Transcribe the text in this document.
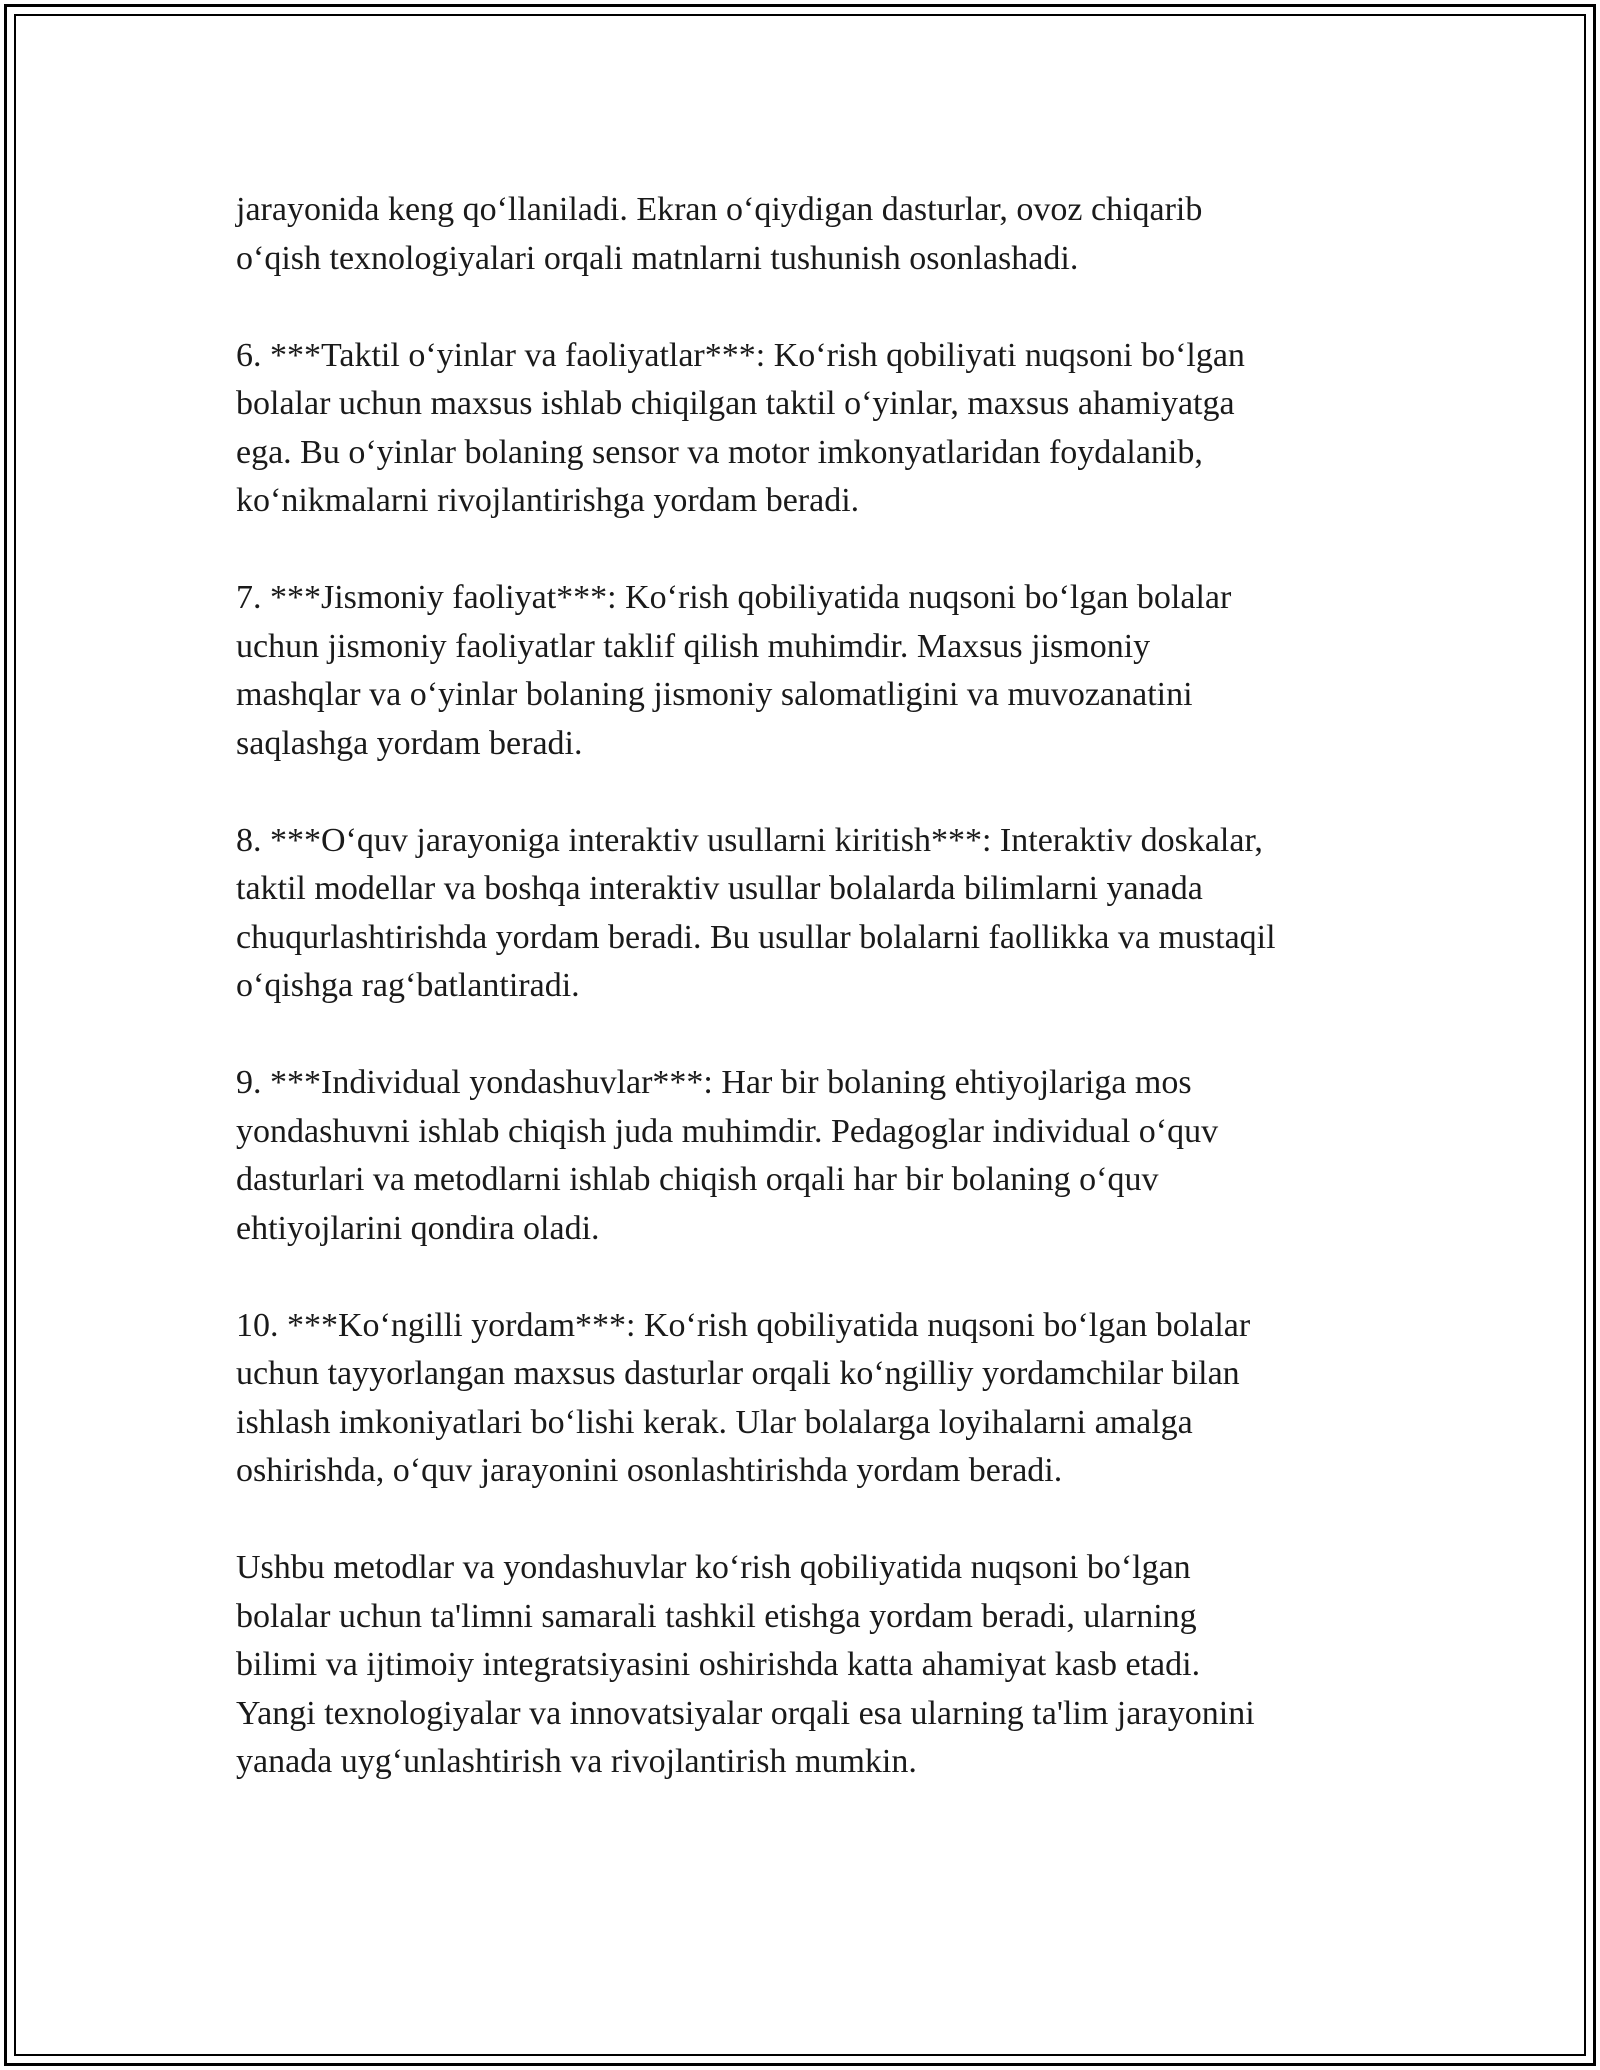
jarayonida keng qo‘llaniladi. Ekran o‘qiydigan dasturlar, ovoz chiqarib
o‘qish texnologiyalari orqali matnlarni tushunish osonlashadi.

6. ***Taktil o‘yinlar va faoliyatlar***: Ko‘rish qobiliyati nuqsoni bo‘lgan
bolalar uchun maxsus ishlab chiqilgan taktil o‘yinlar, maxsus ahamiyatga
ega. Bu o‘yinlar bolaning sensor va motor imkonyatlaridan foydalanib,
ko‘nikmalarni rivojlantirishga yordam beradi.

7. ***Jismoniy faoliyat***: Ko‘rish qobiliyatida nuqsoni bo‘lgan bolalar
uchun jismoniy faoliyatlar taklif qilish muhimdir. Maxsus jismoniy
mashqlar va o‘yinlar bolaning jismoniy salomatligini va muvozanatini
saqlashga yordam beradi.

8. ***O‘quv jarayoniga interaktiv usullarni kiritish***: Interaktiv doskalar,
taktil modellar va boshqa interaktiv usullar bolalarda bilimlarni yanada
chuqurlashtirishda yordam beradi. Bu usullar bolalarni faollikka va mustaqil
o‘qishga rag‘batlantiradi.

9. ***Individual yondashuvlar***: Har bir bolaning ehtiyojlariga mos
yondashuvni ishlab chiqish juda muhimdir. Pedagoglar individual o‘quv
dasturlari va metodlarni ishlab chiqish orqali har bir bolaning o‘quv
ehtiyojlarini qondira oladi.

10. ***Ko‘ngilli yordam***: Ko‘rish qobiliyatida nuqsoni bo‘lgan bolalar
uchun tayyorlangan maxsus dasturlar orqali ko‘ngilliy yordamchilar bilan
ishlash imkoniyatlari bo‘lishi kerak. Ular bolalarga loyihalarni amalga
oshirishda, o‘quv jarayonini osonlashtirishda yordam beradi.

Ushbu metodlar va yondashuvlar ko‘rish qobiliyatida nuqsoni bo‘lgan
bolalar uchun ta'limni samarali tashkil etishga yordam beradi, ularning
bilimi va ijtimoiy integratsiyasini oshirishda katta ahamiyat kasb etadi.
Yangi texnologiyalar va innovatsiyalar orqali esa ularning ta'lim jarayonini
yanada uyg‘unlashtirish va rivojlantirish mumkin.
